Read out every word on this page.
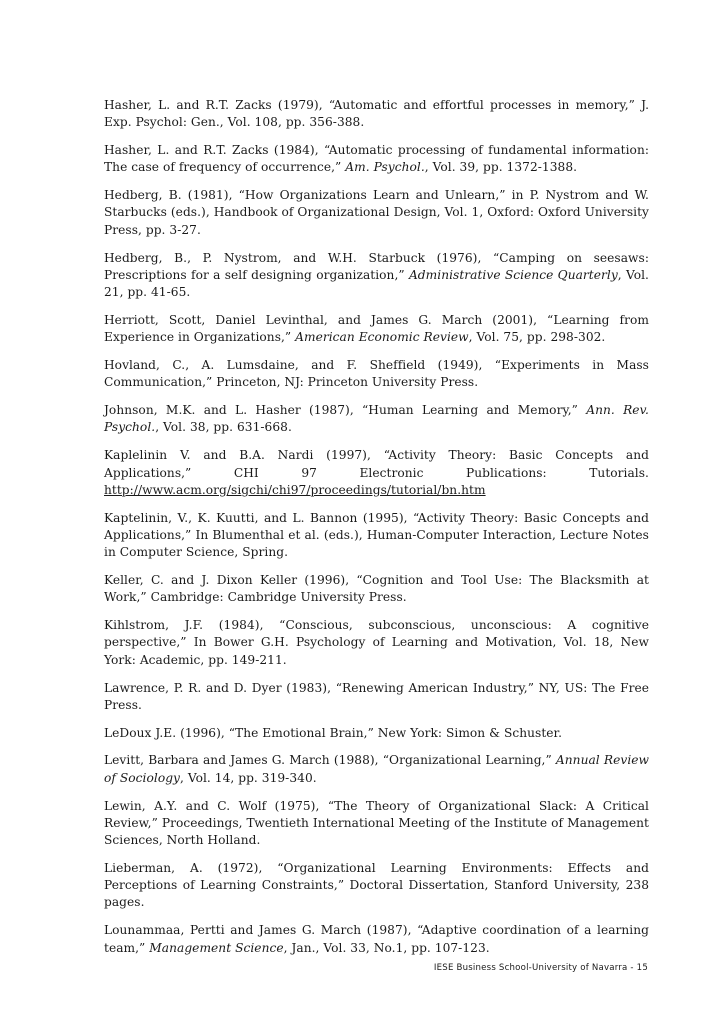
Hasher, L. and R.T. Zacks (1979), “Automatic and effortful processes in memory,” J. Exp. Psychol: Gen., Vol. 108, pp. 356-388.

Hasher, L. and R.T. Zacks (1984), “Automatic processing of fundamental information: The case of frequency of occurrence,” Am. Psychol., Vol. 39, pp. 1372-1388.

Hedberg, B. (1981), “How Organizations Learn and Unlearn,” in P. Nystrom and W. Starbucks (eds.), Handbook of Organizational Design, Vol. 1, Oxford: Oxford University Press, pp. 3-27.

Hedberg, B., P. Nystrom, and W.H. Starbuck (1976), “Camping on seesaws: Prescriptions for a self designing organization,” Administrative Science Quarterly, Vol. 21, pp. 41-65.

Herriott, Scott, Daniel Levinthal, and James G. March (2001), “Learning from Experience in Organizations,” American Economic Review, Vol. 75, pp. 298-302.

Hovland, C., A. Lumsdaine, and F. Sheffield (1949), “Experiments in Mass Communication,” Princeton, NJ: Princeton University Press.

Johnson, M.K. and L. Hasher (1987), “Human Learning and Memory,” Ann. Rev. Psychol., Vol. 38, pp. 631-668.

Kaplelinin V. and B.A. Nardi (1997), “Activity Theory: Basic Concepts and Applications,” CHI 97 Electronic Publications: Tutorials. http://www.acm.org/sigchi/chi97/proceedings/tutorial/bn.htm

Kaptelinin, V., K. Kuutti, and L. Bannon (1995), “Activity Theory: Basic Concepts and Applications,” In Blumenthal et al. (eds.), Human-Computer Interaction, Lecture Notes in Computer Science, Spring.

Keller, C. and J. Dixon Keller (1996), “Cognition and Tool Use: The Blacksmith at Work,” Cambridge: Cambridge University Press.

Kihlstrom, J.F. (1984), “Conscious, subconscious, unconscious: A cognitive perspective,” In Bower G.H. Psychology of Learning and Motivation, Vol. 18, New York: Academic, pp. 149-211.

Lawrence, P. R. and D. Dyer (1983), “Renewing American Industry,” NY, US: The Free Press.

LeDoux J.E. (1996), “The Emotional Brain,” New York: Simon & Schuster.

Levitt, Barbara and James G. March (1988), “Organizational Learning,” Annual Review of Sociology, Vol. 14, pp. 319-340.

Lewin, A.Y. and C. Wolf (1975), “The Theory of Organizational Slack: A Critical Review,” Proceedings, Twentieth International Meeting of the Institute of Management Sciences, North Holland.

Lieberman, A. (1972), “Organizational Learning Environments: Effects and Perceptions of Learning Constraints,” Doctoral Dissertation, Stanford University, 238 pages.

Lounammaa, Pertti and James G. March (1987), “Adaptive coordination of a learning team,” Management Science, Jan., Vol. 33, No.1, pp. 107-123.

IESE Business School-University of Navarra - 15
